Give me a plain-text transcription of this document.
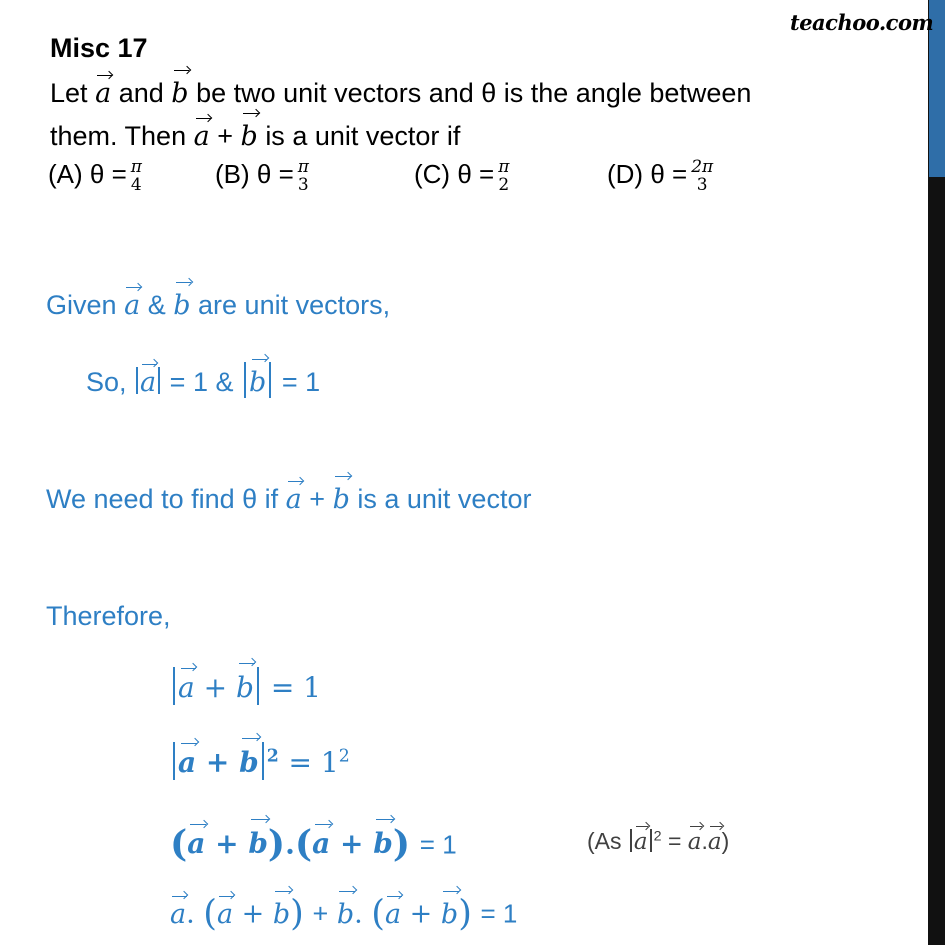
teachoo.com
Misc 17
Let a and b be two unit vectors and θ is the angle between
them. Then a + b is a unit vector if
(A) θ = π
4	(B) θ = π
3	(C) θ = π
2	(D) θ = 2π
3
Given a & b are unit vectors,
So, a = 1 & b = 1
We need to find θ if a + b is a unit vector
Therefore,
a + b = 1
a + b $^2 = 1^2$
(a + b).(a + b) = 1	(As a $^2$ = a.a)
a. (a + b) + b. (a + b) = 1
